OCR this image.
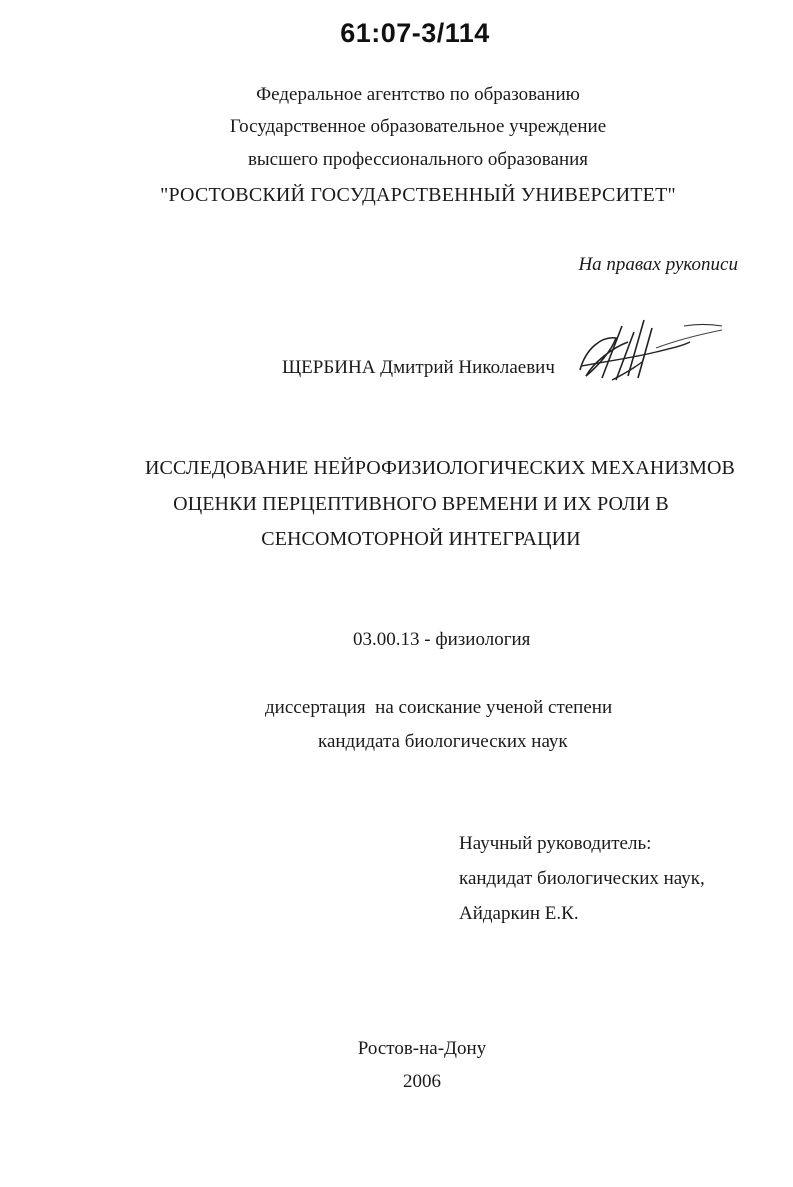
61:07-3/114
Федеральное агентство по образованию
Государственное образовательное учреждение
высшего профессионального образования
"РОСТОВСКИЙ ГОСУДАРСТВЕННЫЙ УНИВЕРСИТЕТ"
На правах рукописи
ЩЕРБИНА Дмитрий Николаевич
ИССЛЕДОВАНИЕ НЕЙРОФИЗИОЛОГИЧЕСКИХ МЕХАНИЗМОВ
ОЦЕНКИ ПЕРЦЕПТИВНОГО ВРЕМЕНИ И ИХ РОЛИ В
СЕНСОМОТОРНОЙ ИНТЕГРАЦИИ
03.00.13 - физиология
диссертация  на соискание ученой степени
кандидата биологических наук
Научный руководитель:
кандидат биологических наук,
Айдаркин Е.К.
Ростов-на-Дону
2006
